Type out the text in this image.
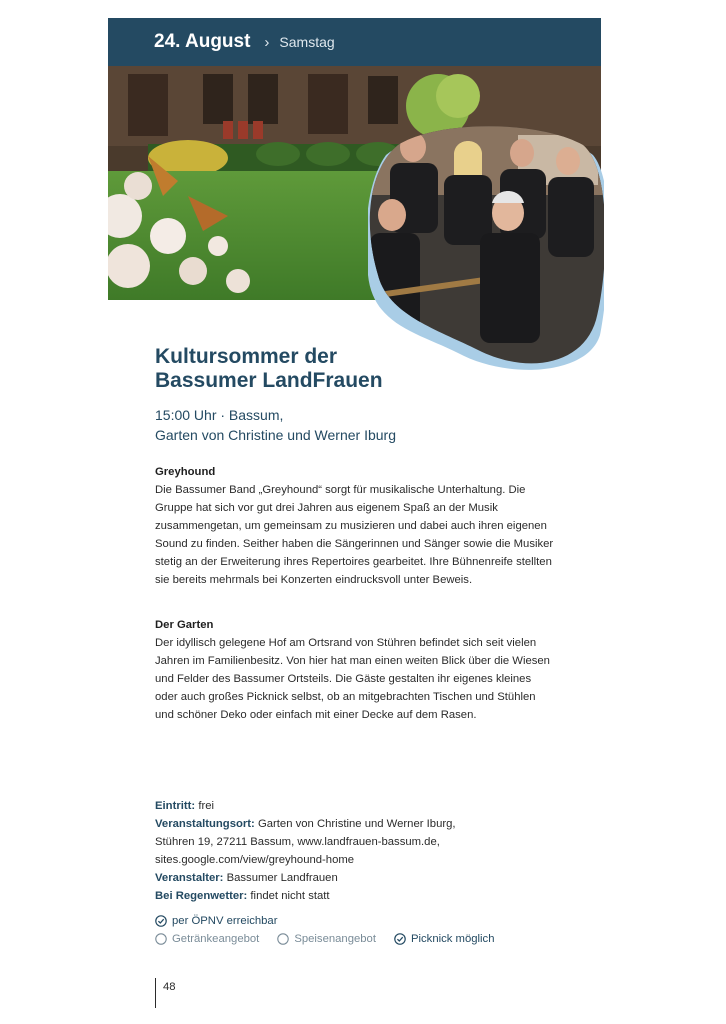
24. August › Samstag
Kultursommer der
Bassumer LandFrauen
15:00 Uhr · Bassum,
Garten von Christine und Werner Iburg
Greyhound

Die Bassumer Band „Greyhound“ sorgt für musikalische Unterhaltung. Die Gruppe hat sich vor gut drei Jahren aus eigenem Spaß an der Musik zusammengetan, um gemeinsam zu musizieren und dabei auch ihren eigenen Sound zu finden. Seither haben die Sängerinnen und Sänger sowie die Musiker stetig an der Erweiterung ihres Repertoires gearbeitet. Ihre Bühnenreife stellten sie bereits mehrmals bei Konzerten eindrucksvoll unter Beweis.

Der Garten

Der idyllisch gelegene Hof am Ortsrand von Stühren befindet sich seit vielen Jahren im Familienbesitz. Von hier hat man einen weiten Blick über die Wiesen und Felder des Bassumer Ortsteils. Die Gäste gestalten ihr eigenes kleines oder auch großes Picknick selbst, ob an mitgebrachten Tischen und Stühlen und schöner Deko oder einfach mit einer Decke auf dem Rasen.

Eintritt: frei
Veranstaltungsort: Garten von Christine und Werner Iburg,
Stühren 19, 27211 Bassum, www.landfrauen-bassum.de,
sites.google.com/view/greyhound-home
Veranstalter: Bassumer Landfrauen
Bei Regenwetter: findet nicht statt
per ÖPNV erreichbar
Getränkeangebot	Speisenangebot	Picknick möglich
48
